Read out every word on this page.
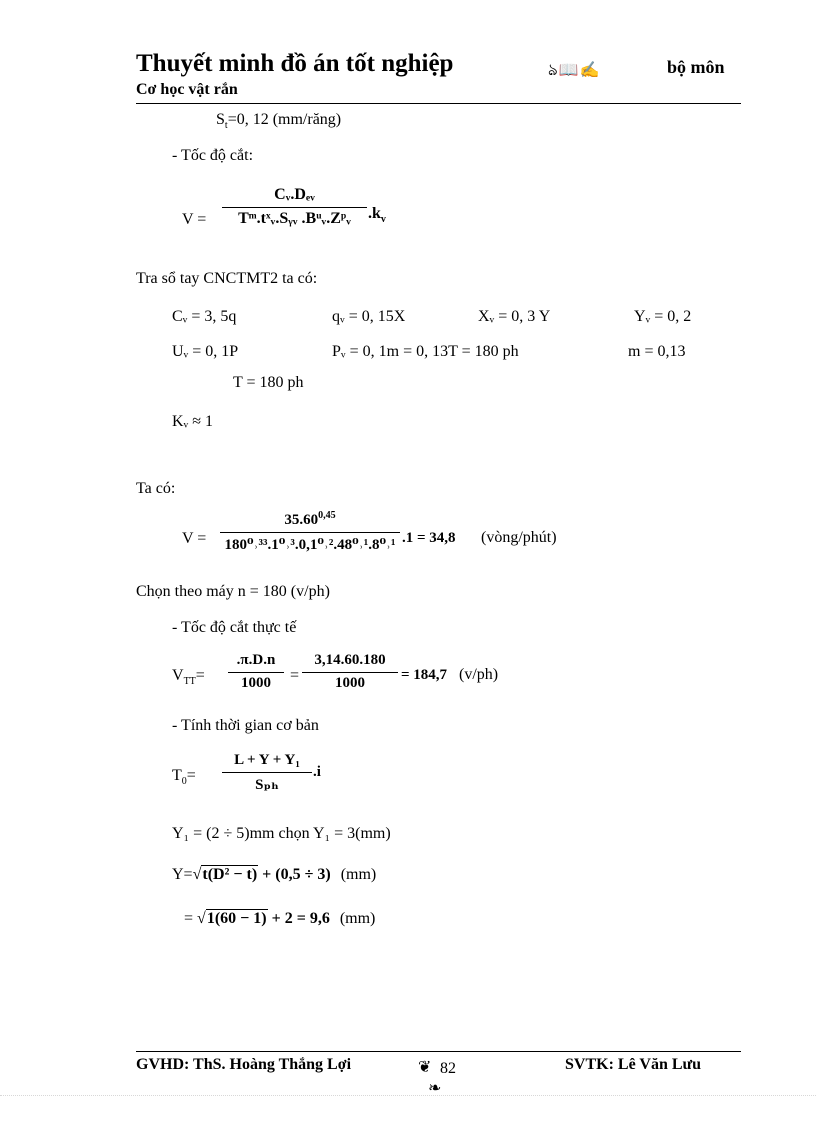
Thuyết minh đồ án tốt nghiệp	ঌ📖✍	bộ môn
Cơ học vật rắn
$S_t=0$, 12 (mm/răng)
- Tốc độ cắt:
V =
Cᵥ.Dₑᵥ
Tᵐ.tˣᵥ.Sᵧᵥ .Bᵘᵥ.Zᵖᵥ	$.k_v$
Tra sổ tay CNCTMT2 ta có:
Cᵥ = 3, 5q	qᵥ = 0, 15X	Xᵥ = 0, 3 Y	Yᵥ = 0, 2
Uᵥ = 0, 1P	Pᵥ = 0, 1m = 0, 13T = 180 ph	m = 0,13
T = 180 ph
Kᵥ ≈ 1
Ta có:
$V = \frac{35.60^{0,45}}{\text{180⁰˒³³.1⁰˒³.0,1⁰˒².48⁰˒¹.8⁰˒¹}} .1 = 34,8$ (vòng/phút)
Chọn theo máy n = 180 (v/ph)
- Tốc độ cắt thực tế
$V_{TT}= \frac{.\pi.D.n}{1000} = \frac{3,14.60.180}{1000} = 184,7$ (v/ph)
- Tính thời gian cơ bản
$T_0=$
L + Y + Y₁
Sₚₕ
.i
Y₁ = (2 ÷ 5)mm chọn Y₁ = 3(mm)
Y=√t(D² − t) + (0,5 ÷ 3) (mm)
= √1(60 − 1) + 2 = 9,6 (mm)
GVHD: ThS. Hoàng Thắng Lợi	❦ 82
❧
SVTK: Lê Văn Lưu
